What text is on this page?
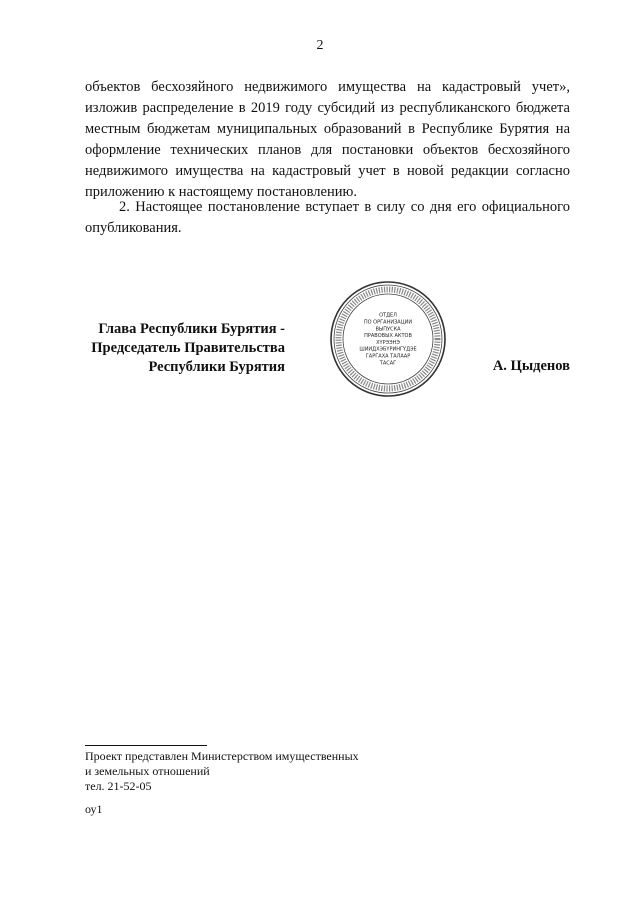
2

объектов бесхозяйного недвижимого имущества на кадастровый учет», изложив распределение в 2019 году субсидий из республиканского бюджета местным бюджетам муниципальных образований в Республике Бурятия на оформление технических планов для постановки объектов бесхозяйного недвижимого имущества на кадастровый учет в новой редакции согласно приложению к настоящему постановлению.

2. Настоящее постановление вступает в силу со дня его официального опубликования.

Глава Республики Бурятия -
Председатель Правительства
Республики Бурятия
ОТДЕЛ
ПО ОРГАНИЗАЦИИ
ВЫПУСКА
ПРАВОВЫХ АКТОВ
ХҮРЭЭНЭ
ШИИДХЭБҮРИНГҮДЭЕ
ГАРГАХА ТАЛААР
ТАСАГ	А. Цыденов
Проект представлен Министерством имущественных
и земельных отношений
тел. 21-52-05
оу1
